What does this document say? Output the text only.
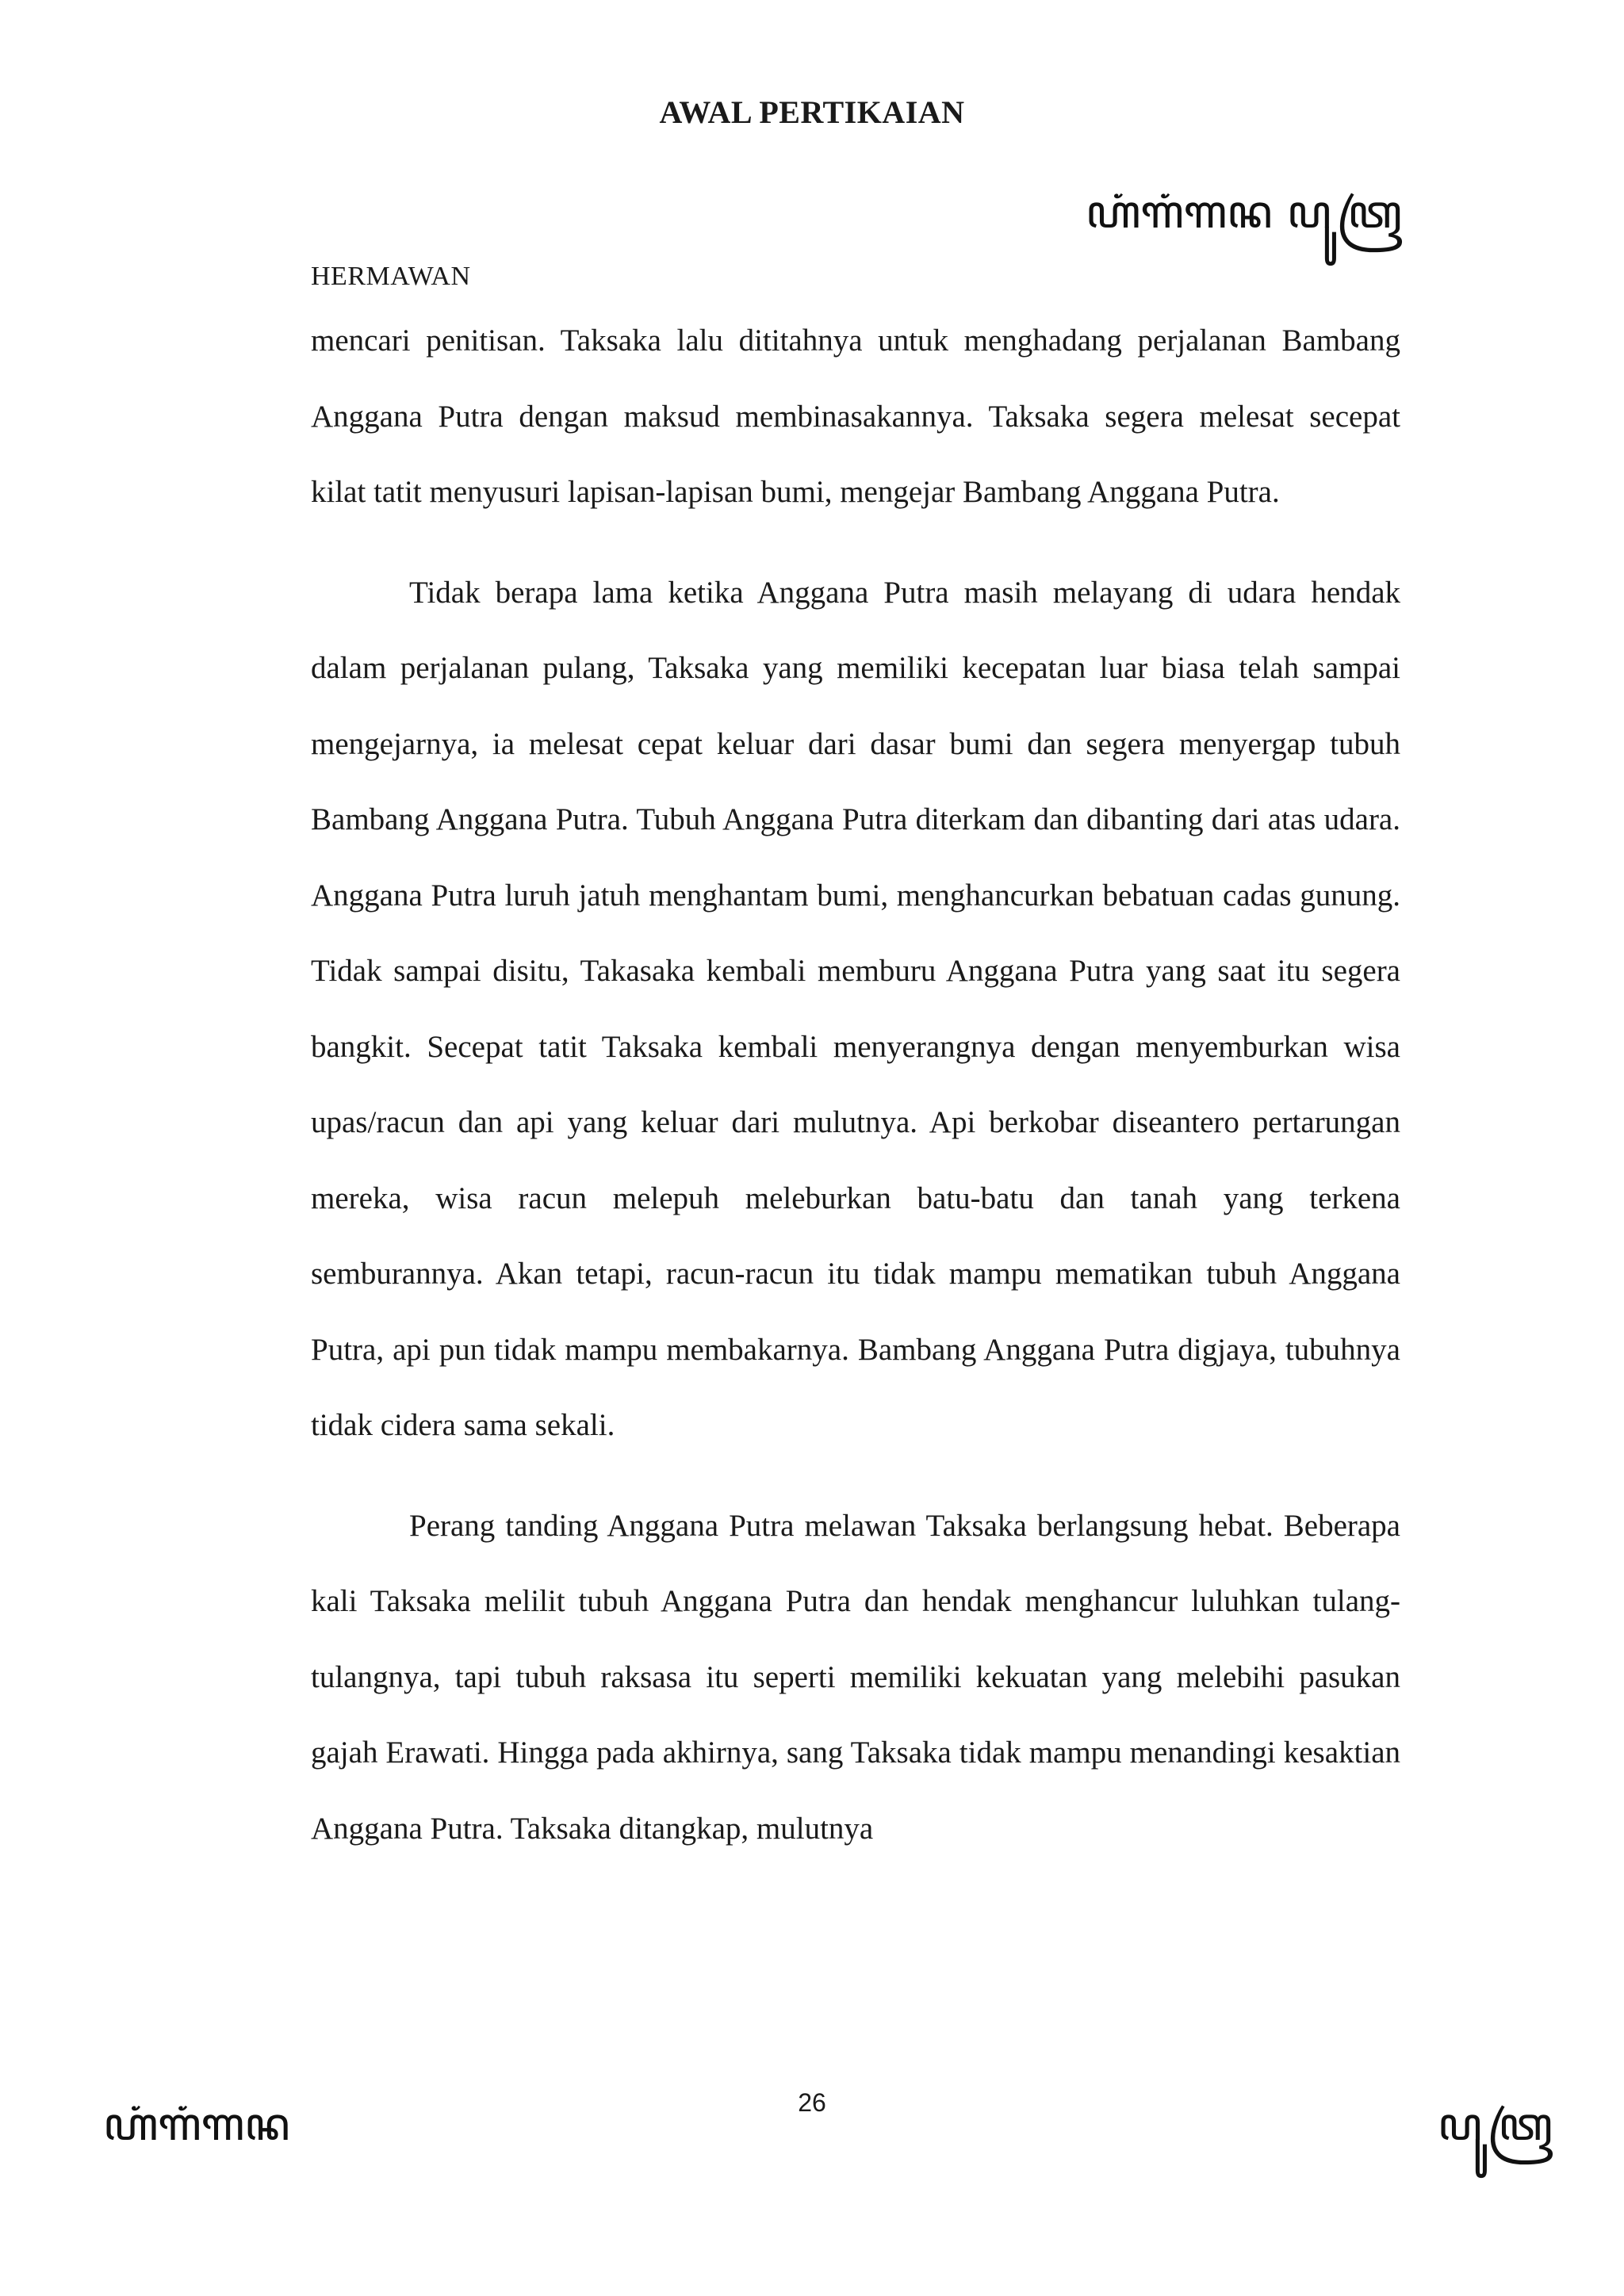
AWAL PERTIKAIAN
ꦲꦁꦒꦁꦒꦤ ꦥꦸꦠꦿ
HERMAWAN

mencari penitisan. Taksaka lalu dititahnya untuk menghadang perjalanan Bambang Anggana Putra dengan maksud membinasakannya. Taksaka segera melesat secepat kilat tatit menyusuri lapisan-lapisan bumi, mengejar Bambang Anggana Putra.

Tidak berapa lama ketika Anggana Putra masih melayang di udara hendak dalam perjalanan pulang, Taksaka yang memiliki kecepatan luar biasa telah sampai mengejarnya, ia melesat cepat keluar dari dasar bumi dan segera menyergap tubuh Bambang Anggana Putra. Tubuh Anggana Putra diterkam dan dibanting dari atas udara. Anggana Putra luruh jatuh menghantam bumi, menghancurkan bebatuan cadas gunung. Tidak sampai disitu, Takasaka kembali memburu Anggana Putra yang saat itu segera bangkit. Secepat tatit Taksaka kembali menyerangnya dengan menyemburkan wisa upas/racun dan api yang keluar dari mulutnya. Api berkobar diseantero pertarungan mereka, wisa racun melepuh meleburkan batu-batu dan tanah yang terkena semburannya. Akan tetapi, racun-racun itu tidak mampu mematikan tubuh Anggana Putra, api pun tidak mampu membakarnya. Bambang Anggana Putra digjaya, tubuhnya tidak cidera sama sekali.

Perang tanding Anggana Putra melawan Taksaka berlangsung hebat. Beberapa kali Taksaka melilit tubuh Anggana Putra dan hendak menghancur luluhkan tulang-tulangnya, tapi tubuh raksasa itu seperti memiliki kekuatan yang melebihi pasukan gajah Erawati. Hingga pada akhirnya, sang Taksaka tidak mampu menandingi kesaktian Anggana Putra. Taksaka ditangkap, mulutnya

26
ꦲꦁꦒꦁꦒꦤ	ꦥꦸꦠꦿ
